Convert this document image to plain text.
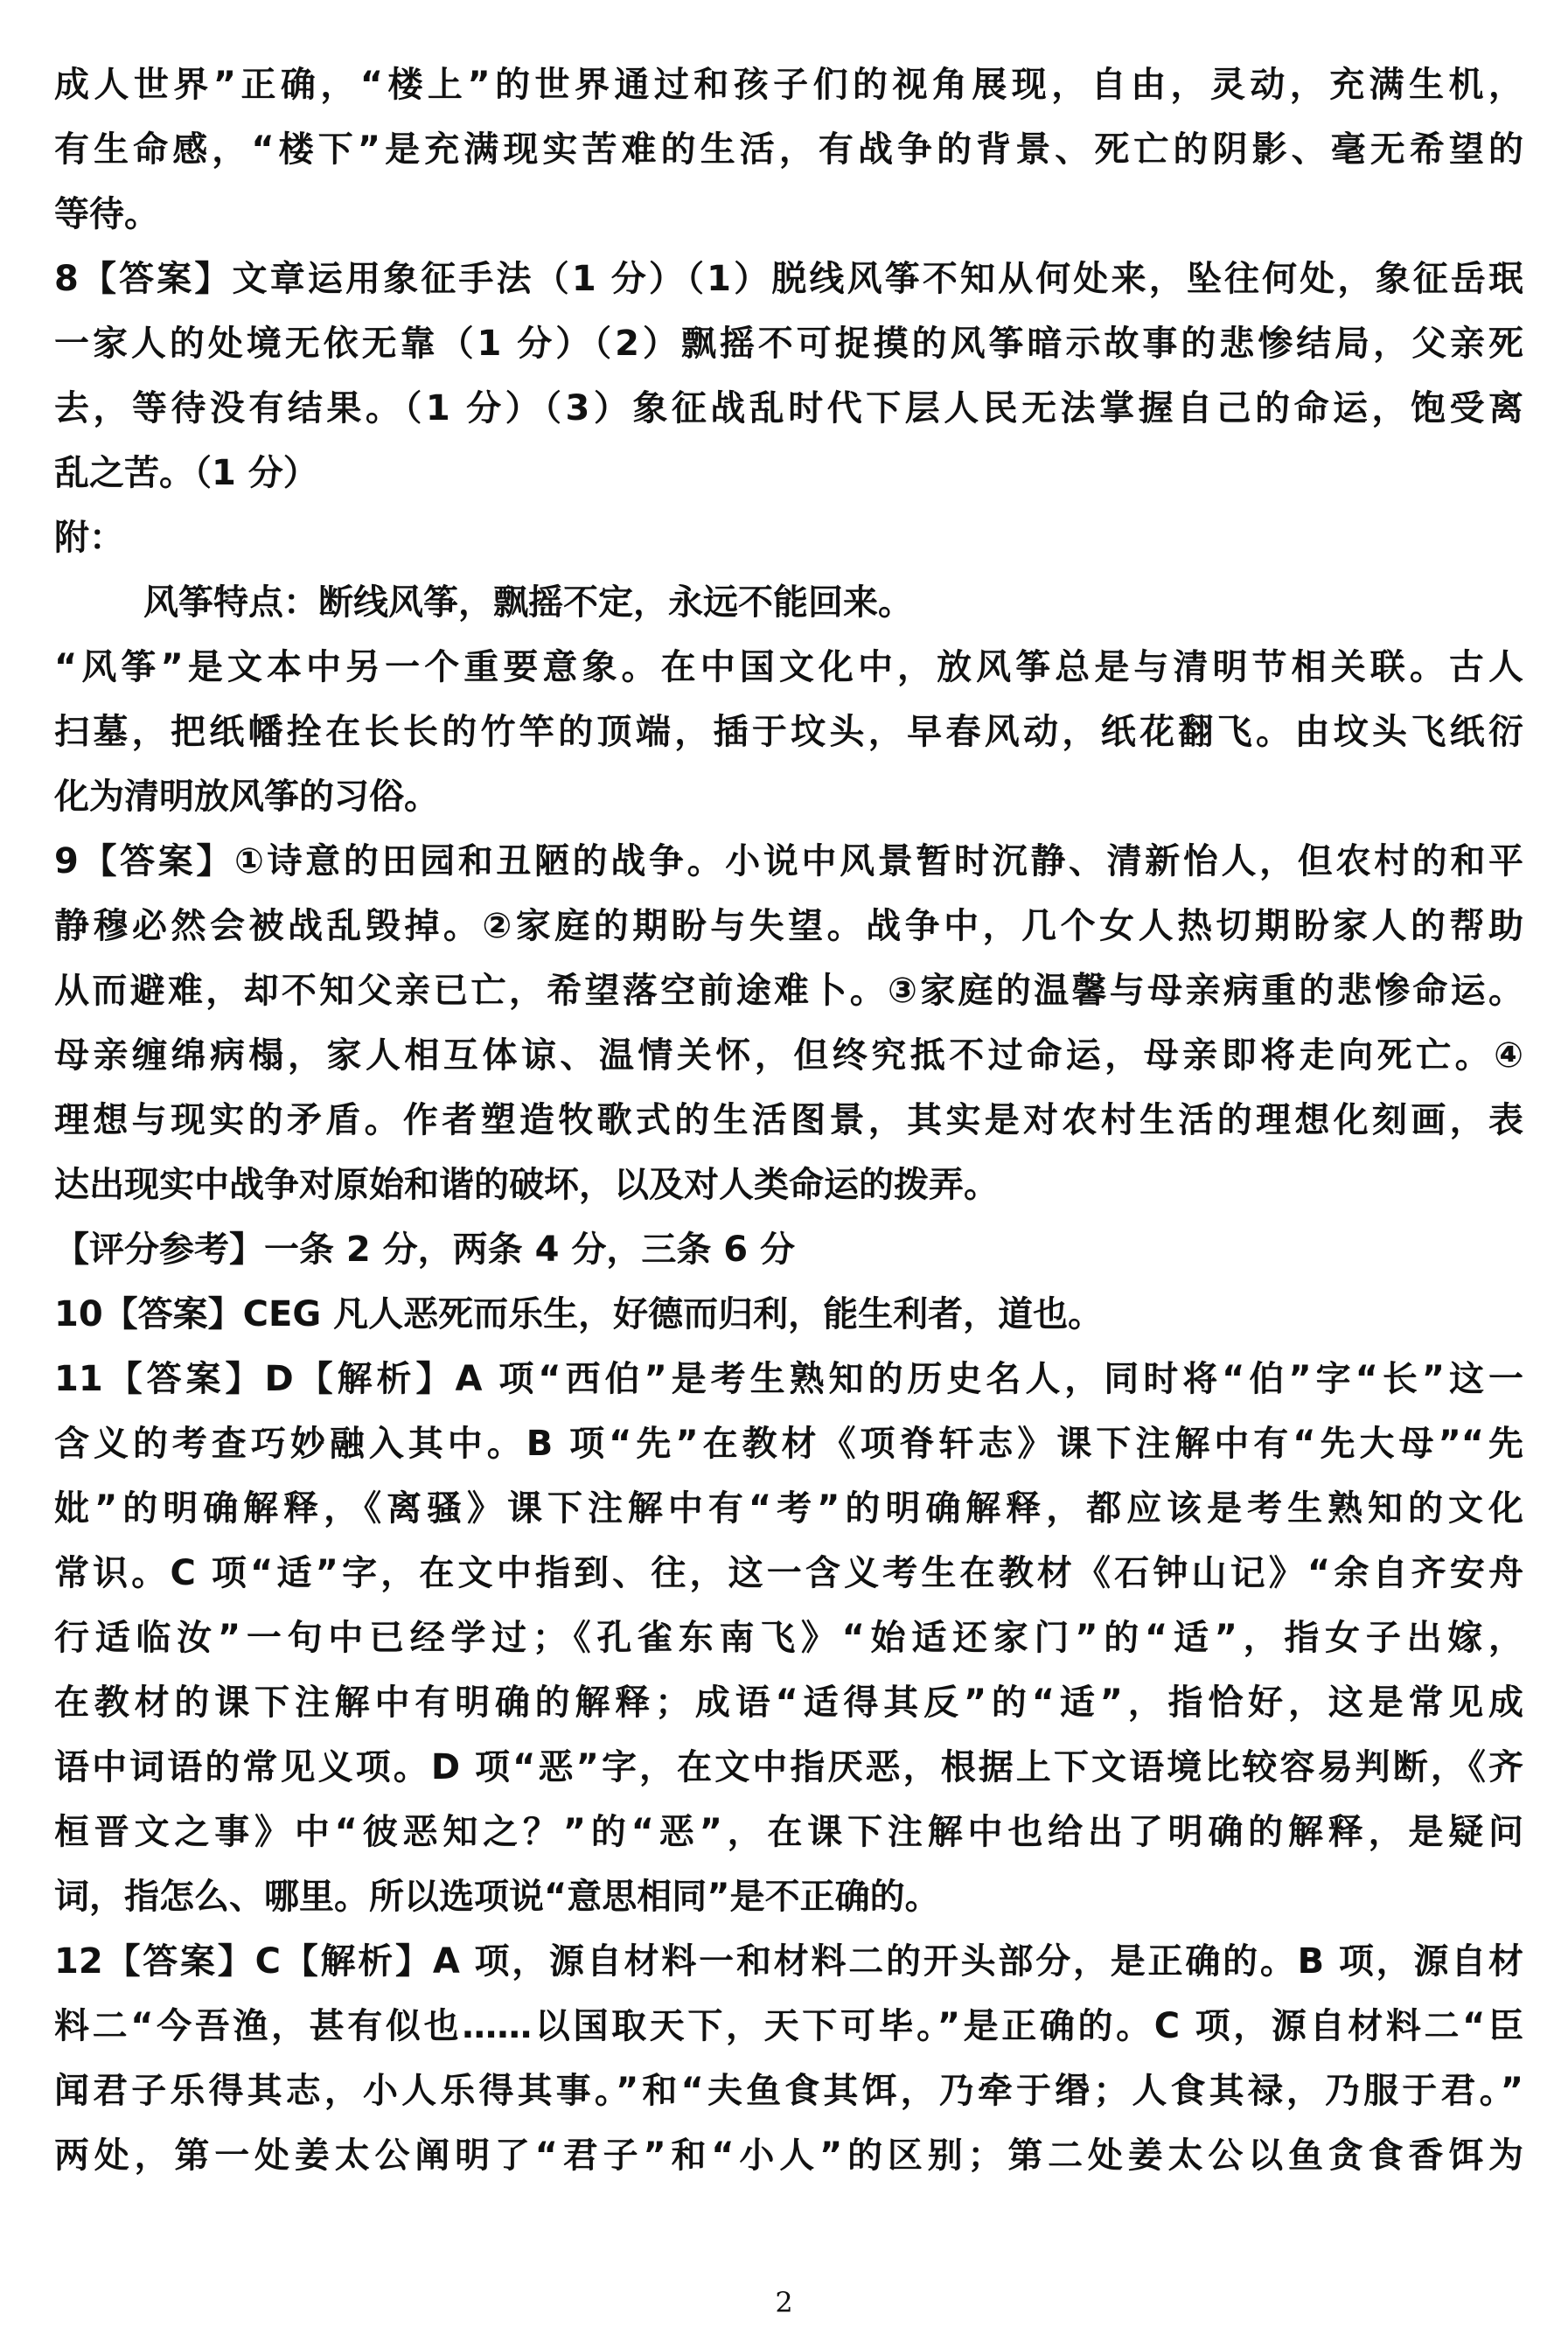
成人世界”正确，“楼上”的世界通过和孩子们的视角展现，自由，灵动，充满生机，
有生命感，“楼下”是充满现实苦难的生活，有战争的背景、死亡的阴影、毫无希望的
等待。
8【答案】文章运用象征手法（1 分）（1）脱线风筝不知从何处来，坠往何处，象征岳珉
一家人的处境无依无靠（1 分）（2）飘摇不可捉摸的风筝暗示故事的悲惨结局，父亲死
去，等待没有结果。（1 分）（3）象征战乱时代下层人民无法掌握自己的命运，饱受离
乱之苦。（1 分）
附：
风筝特点：断线风筝，飘摇不定，永远不能回来。
“风筝”是文本中另一个重要意象。在中国文化中，放风筝总是与清明节相关联。古人
扫墓，把纸幡拴在长长的竹竿的顶端，插于坟头，早春风动，纸花翻飞。由坟头飞纸衍
化为清明放风筝的习俗。
9【答案】①诗意的田园和丑陋的战争。小说中风景暂时沉静、清新怡人，但农村的和平
静穆必然会被战乱毁掉。②家庭的期盼与失望。战争中，几个女人热切期盼家人的帮助
从而避难，却不知父亲已亡，希望落空前途难卜。③家庭的温馨与母亲病重的悲惨命运。
母亲缠绵病榻，家人相互体谅、温情关怀，但终究抵不过命运，母亲即将走向死亡。④
理想与现实的矛盾。作者塑造牧歌式的生活图景，其实是对农村生活的理想化刻画，表
达出现实中战争对原始和谐的破坏，以及对人类命运的拨弄。
【评分参考】一条 2 分，两条 4 分，三条 6 分
10【答案】CEG 凡人恶死而乐生，好德而归利，能生利者，道也。
11【答案】D【解析】A 项“西伯”是考生熟知的历史名人，同时将“伯”字“长”这一
含义的考查巧妙融入其中。B 项“先”在教材《项脊轩志》课下注解中有“先大母”“先
妣”的明确解释，《离骚》课下注解中有“考”的明确解释，都应该是考生熟知的文化
常识。C 项“适”字，在文中指到、往，这一含义考生在教材《石钟山记》“余自齐安舟
行适临汝”一句中已经学过；《孔雀东南飞》“始适还家门”的“适”，指女子出嫁，
在教材的课下注解中有明确的解释；成语“适得其反”的“适”，指恰好，这是常见成
语中词语的常见义项。D 项“恶”字，在文中指厌恶，根据上下文语境比较容易判断，《齐
桓晋文之事》中“彼恶知之？”的“恶”，在课下注解中也给出了明确的解释，是疑问
词，指怎么、哪里。所以选项说“意思相同”是不正确的。
12【答案】C【解析】A 项，源自材料一和材料二的开头部分，是正确的。B 项，源自材
料二“今吾渔，甚有似也……以国取天下，天下可毕。”是正确的。C 项，源自材料二“臣
闻君子乐得其志，小人乐得其事。”和“夫鱼食其饵，乃牵于缗；人食其禄，乃服于君。”
两处，第一处姜太公阐明了“君子”和“小人”的区别；第二处姜太公以鱼贪食香饵为
2
